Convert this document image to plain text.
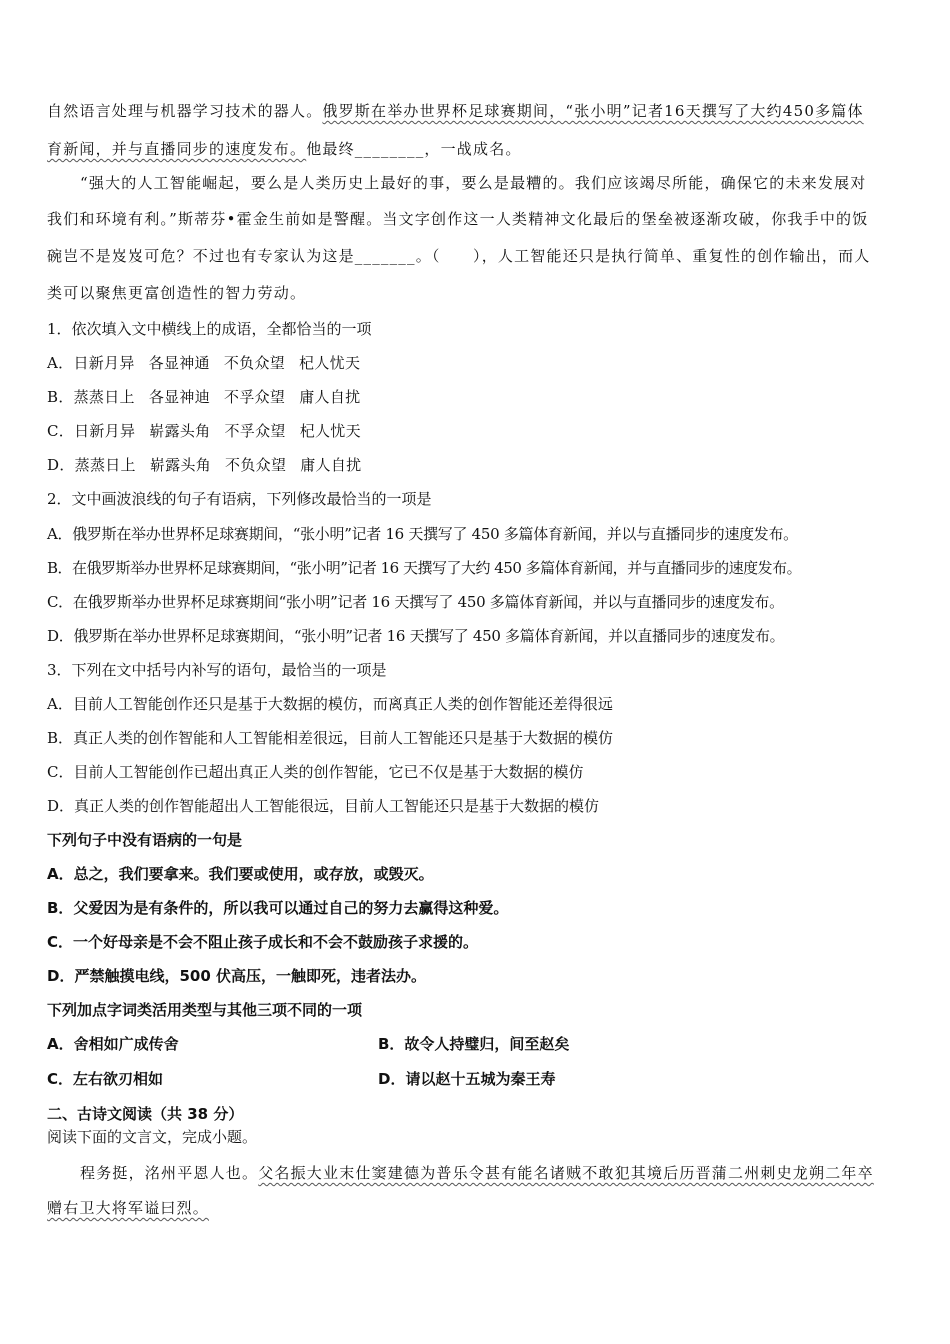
自然语言处理与机器学习技术的器人。俄罗斯在举办世界杯足球赛期间，“张小明”记者16天撰写了大约450多篇体
育新闻，并与直播同步的速度发布。他最终________，一战成名。
“强大的人工智能崛起，要么是人类历史上最好的事，要么是最糟的。我们应该竭尽所能，确保它的未来发展对
我们和环境有利。”斯蒂芬•霍金生前如是警醒。当文字创作这一人类精神文化最后的堡垒被逐渐攻破，你我手中的饭
碗岂不是岌岌可危？不过也有专家认为这是_______。（　　），人工智能还只是执行简单、重复性的创作输出，而人
类可以聚焦更富创造性的智力劳动。
1．依次填入文中横线上的成语，全都恰当的一项
A．日新月异 各显神通 不负众望 杞人忧天
B．蒸蒸日上 各显神迪 不孚众望 庸人自扰
C．日新月异 崭露头角 不孚众望 杞人忧天
D．蒸蒸日上 崭露头角 不负众望 庸人自扰
2．文中画波浪线的句子有语病，下列修改最恰当的一项是
A．俄罗斯在举办世界杯足球赛期间，“张小明”记者 16 天撰写了 450 多篇体育新闻，并以与直播同步的速度发布。
B．在俄罗斯举办世界杯足球赛期间，“张小明”记者 16 天撰写了大约 450 多篇体育新闻，并与直播同步的速度发布。
C．在俄罗斯举办世界杯足球赛期间“张小明”记者 16 天撰写了 450 多篇体育新闻，并以与直播同步的速度发布。
D．俄罗斯在举办世界杯足球赛期间，“张小明”记者 16 天撰写了 450 多篇体育新闻，并以直播同步的速度发布。
3．下列在文中括号内补写的语句，最恰当的一项是
A．目前人工智能创作还只是基于大数据的模仿，而离真正人类的创作智能还差得很远
B．真正人类的创作智能和人工智能相差很远，目前人工智能还只是基于大数据的模仿
C．目前人工智能创作已超出真正人类的创作智能，它已不仅是基于大数据的模仿
D．真正人类的创作智能超出人工智能很远，目前人工智能还只是基于大数据的模仿
下列句子中没有语病的一句是
A．总之，我们要拿来。我们要或使用，或存放，或毁灭。
B．父爱因为是有条件的，所以我可以通过自己的努力去赢得这种爱。
C．一个好母亲是不会不阻止孩子成长和不会不鼓励孩子求援的。
D．严禁触摸电线，500 伏高压，一触即死，违者法办。
下列加点字词类活用类型与其他三项不同的一项
A．舍相如广成传舍	B．故令人持璧归，间至赵矣
C．左右欲刃相如	D．请以赵十五城为秦王寿
二、古诗文阅读（共 38 分）
阅读下面的文言文，完成小题。
程务挺，洺州平恩人也。父名振大业末仕窦建德为普乐令甚有能名诸贼不敢犯其境后历晋蒲二州刺史龙朔二年卒
赠右卫大将军谥曰烈。
